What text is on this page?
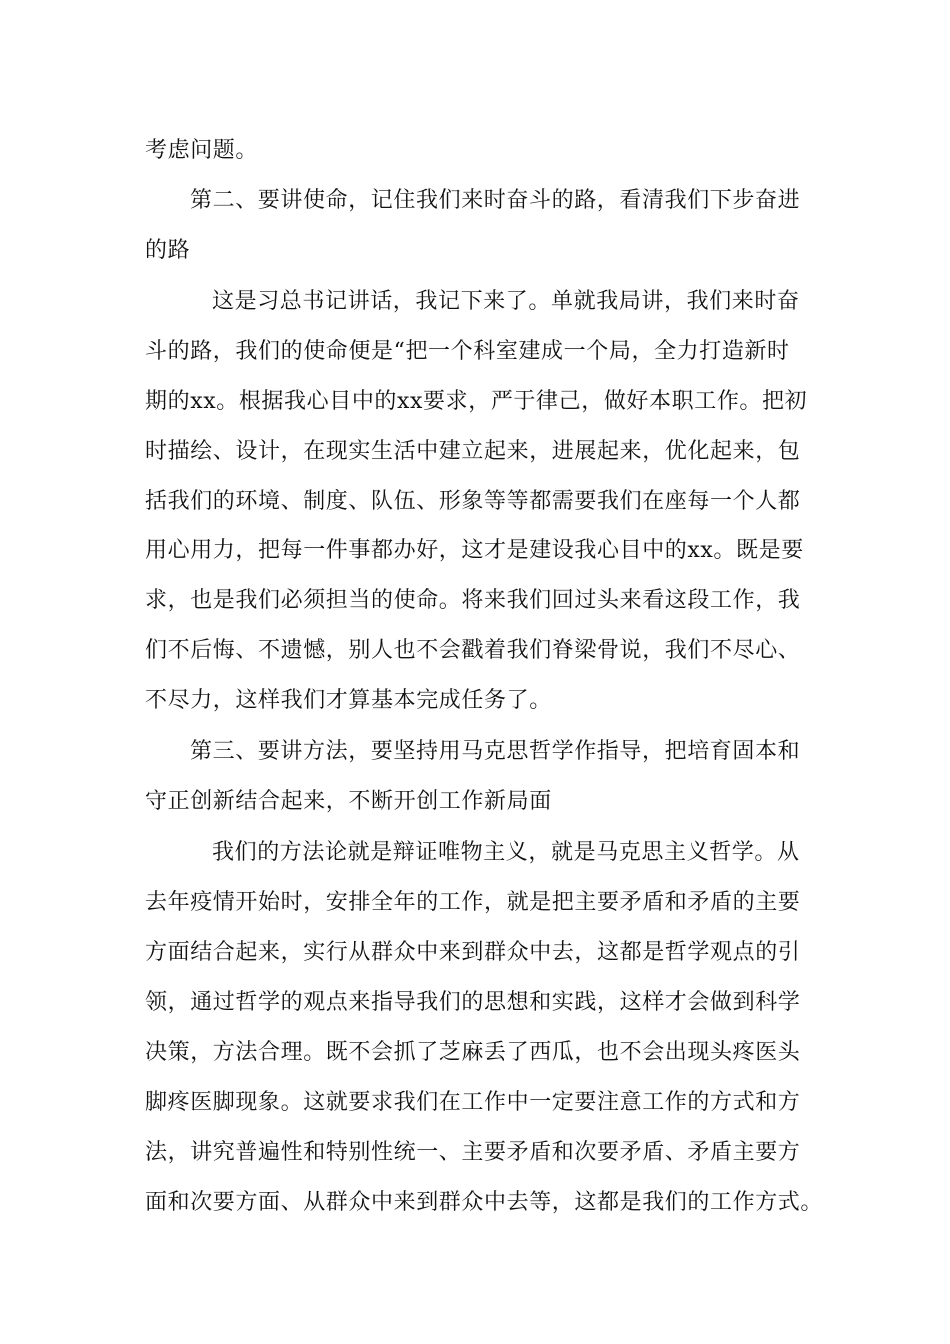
考虑问题。
第二、要讲使命，记住我们来时奋斗的路，看清我们下步奋进
的路
这是习总书记讲话，我记下来了。单就我局讲，我们来时奋
斗的路，我们的使命便是“把一个科室建成一个局，全力打造新时
期的xx。根据我心目中的xx要求，严于律己，做好本职工作。把初
时描绘、设计，在现实生活中建立起来，进展起来，优化起来，包
括我们的环境、制度、队伍、形象等等都需要我们在座每一个人都
用心用力，把每一件事都办好，这才是建设我心目中的xx。既是要
求，也是我们必须担当的使命。将来我们回过头来看这段工作，我
们不后悔、不遗憾，别人也不会戳着我们脊梁骨说，我们不尽心、
不尽力，这样我们才算基本完成任务了。
第三、要讲方法，要坚持用马克思哲学作指导，把培育固本和
守正创新结合起来，不断开创工作新局面
我们的方法论就是辩证唯物主义，就是马克思主义哲学。从
去年疫情开始时，安排全年的工作，就是把主要矛盾和矛盾的主要
方面结合起来，实行从群众中来到群众中去，这都是哲学观点的引
领，通过哲学的观点来指导我们的思想和实践，这样才会做到科学
决策，方法合理。既不会抓了芝麻丢了西瓜，也不会出现头疼医头
脚疼医脚现象。这就要求我们在工作中一定要注意工作的方式和方
法，讲究普遍性和特别性统一、主要矛盾和次要矛盾、矛盾主要方
面和次要方面、从群众中来到群众中去等，这都是我们的工作方式。
